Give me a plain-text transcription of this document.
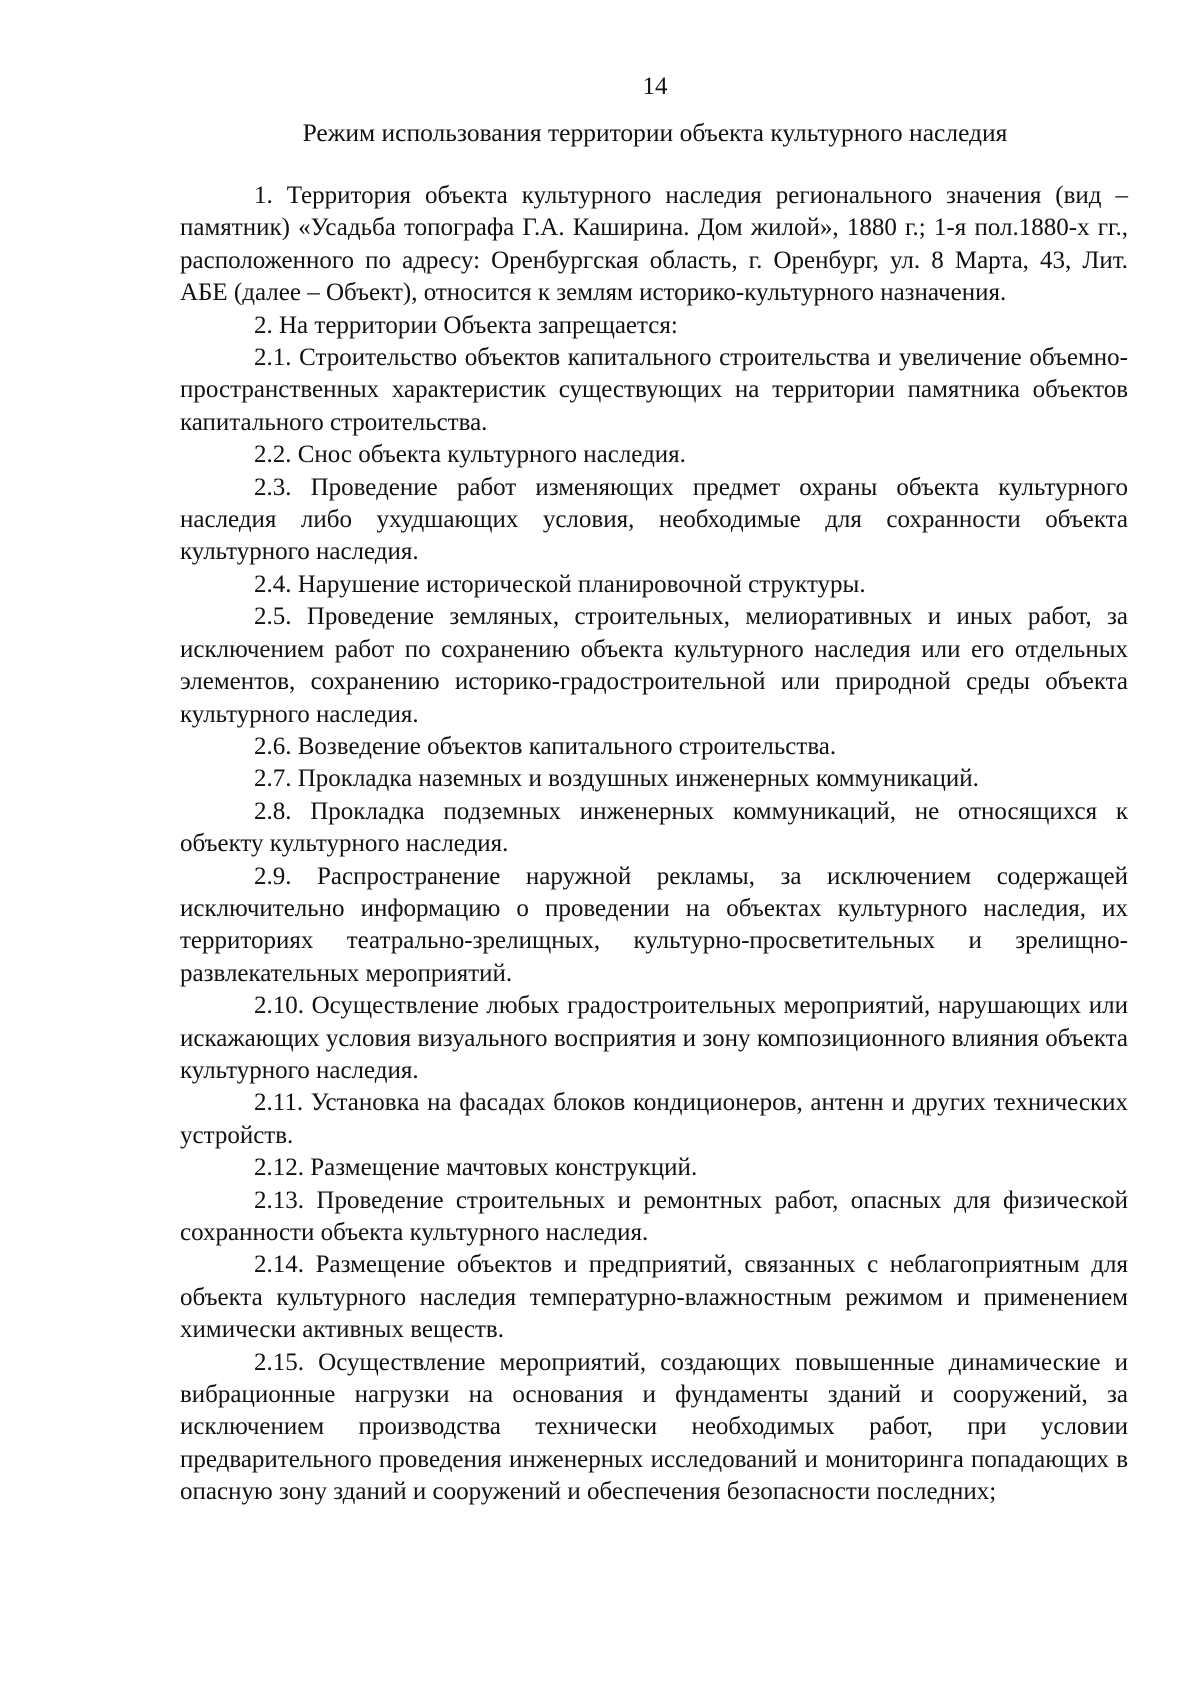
14
Режим использования территории объекта культурного наследия

1. Территория объекта культурного наследия регионального значения (вид – памятник) «Усадьба топографа Г.А. Каширина. Дом жилой», 1880 г.; 1-я пол.1880-х гг., расположенного по адресу: Оренбургская область, г. Оренбург, ул. 8 Марта, 43, Лит. АБЕ (далее – Объект), относится к землям историко-культурного назначения.

2. На территории Объекта запрещается:

2.1. Строительство объектов капитального строительства и увеличение объемно-пространственных характеристик существующих на территории памятника объектов капитального строительства.

2.2. Снос объекта культурного наследия.

2.3. Проведение работ изменяющих предмет охраны объекта культурного наследия либо ухудшающих условия, необходимые для сохранности объекта культурного наследия.

2.4. Нарушение исторической планировочной структуры.

2.5. Проведение земляных, строительных, мелиоративных и иных работ, за исключением работ по сохранению объекта культурного наследия или его отдельных элементов, сохранению историко-градостроительной или природной среды объекта культурного наследия.

2.6. Возведение объектов капитального строительства.

2.7. Прокладка наземных и воздушных инженерных коммуникаций.

2.8. Прокладка подземных инженерных коммуникаций, не относящихся к объекту культурного наследия.

2.9. Распространение наружной рекламы, за исключением содержащей исключительно информацию о проведении на объектах культурного наследия, их территориях театрально-зрелищных, культурно-просветительных и зрелищно-развлекательных мероприятий.

2.10. Осуществление любых градостроительных мероприятий, нарушающих или искажающих условия визуального восприятия и зону композиционного влияния объекта культурного наследия.

2.11. Установка на фасадах блоков кондиционеров, антенн и других технических устройств.

2.12. Размещение мачтовых конструкций.

2.13. Проведение строительных и ремонтных работ, опасных для физической сохранности объекта культурного наследия.

2.14. Размещение объектов и предприятий, связанных с неблагоприятным для объекта культурного наследия температурно-влажностным режимом и применением химически активных веществ.

2.15. Осуществление мероприятий, создающих повышенные динамические и вибрационные нагрузки на основания и фундаменты зданий и сооружений, за исключением производства технически необходимых работ, при условии предварительного проведения инженерных исследований и мониторинга попадающих в опасную зону зданий и сооружений и обеспечения безопасности последних;
